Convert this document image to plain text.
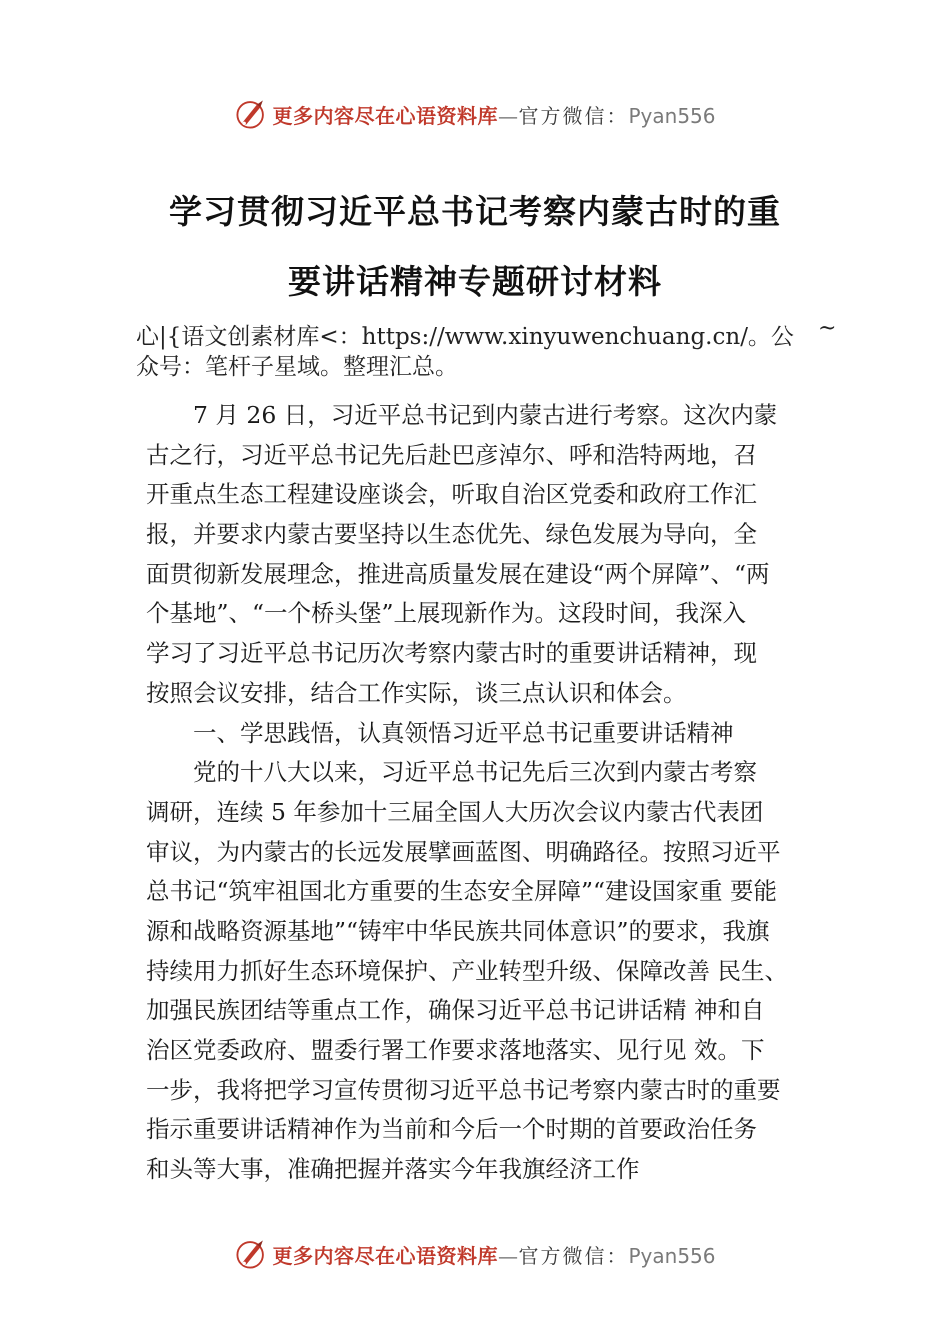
更多内容尽在心语资料库—官方微信：Pyan556
学习贯彻习近平总书记考察内蒙古时的重
要讲话精神专题研讨材料
心|{语文创素材库<：https://www.xinyuwenchuang.cn/。公 ~

众号：笔杆子星域。整理汇总。
7 月 26 日，习近平总书记到内蒙古进行考察。这次内蒙
古之行，习近平总书记先后赴巴彦淖尔、呼和浩特两地，召
开重点生态工程建设座谈会，听取自治区党委和政府工作汇
报，并要求内蒙古要坚持以生态优先、绿色发展为导向，全
面贯彻新发展理念，推进高质量发展在建设“两个屏障”、“两
个基地”、“一个桥头堡”上展现新作为。这段时间，我深入
学习了习近平总书记历次考察内蒙古时的重要讲话精神，现
按照会议安排，结合工作实际，谈三点认识和体会。
一、学思践悟，认真领悟习近平总书记重要讲话精神
党的十八大以来，习近平总书记先后三次到内蒙古考察
调研，连续 5 年参加十三届全国人大历次会议内蒙古代表团
审议，为内蒙古的长远发展擘画蓝图、明确路径。按照习近平
总书记“筑牢祖国北方重要的生态安全屏障”“建设国家重 要能
源和战略资源基地”“铸牢中华民族共同体意识”的要求，我旗
持续用力抓好生态环境保护、产业转型升级、保障改善 民生、
加强民族团结等重点工作，确保习近平总书记讲话精 神和自
治区党委政府、盟委行署工作要求落地落实、见行见 效。下
一步，我将把学习宣传贯彻习近平总书记考察内蒙古时的重要
指示重要讲话精神作为当前和今后一个时期的首要政治任务
和头等大事，准确把握并落实今年我旗经济工作
更多内容尽在心语资料库—官方微信：Pyan556
